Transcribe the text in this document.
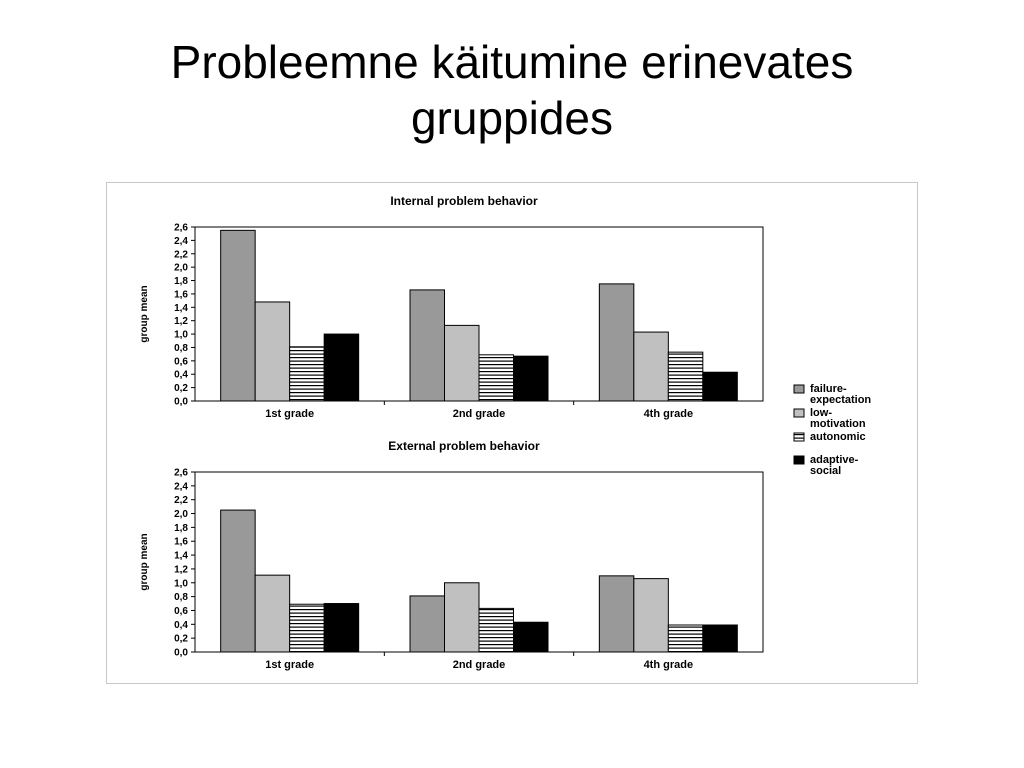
Probleemne käitumine erinevates
gruppides
Internal problem behavior
0,0
0,2
0,4
0,6
0,8
1,0
1,2
1,4
1,6
1,8
2,0
2,2
2,4
2,6
group mean
1st grade	2nd grade	4th grade
External problem behavior
0,0
0,2
0,4
0,6
0,8
1,0
1,2
1,4
1,6
1,8
2,0
2,2
2,4
2,6
group mean
1st grade	2nd grade	4th grade
failure-
expectation
low-
motivation
autonomic
adaptive-
social
